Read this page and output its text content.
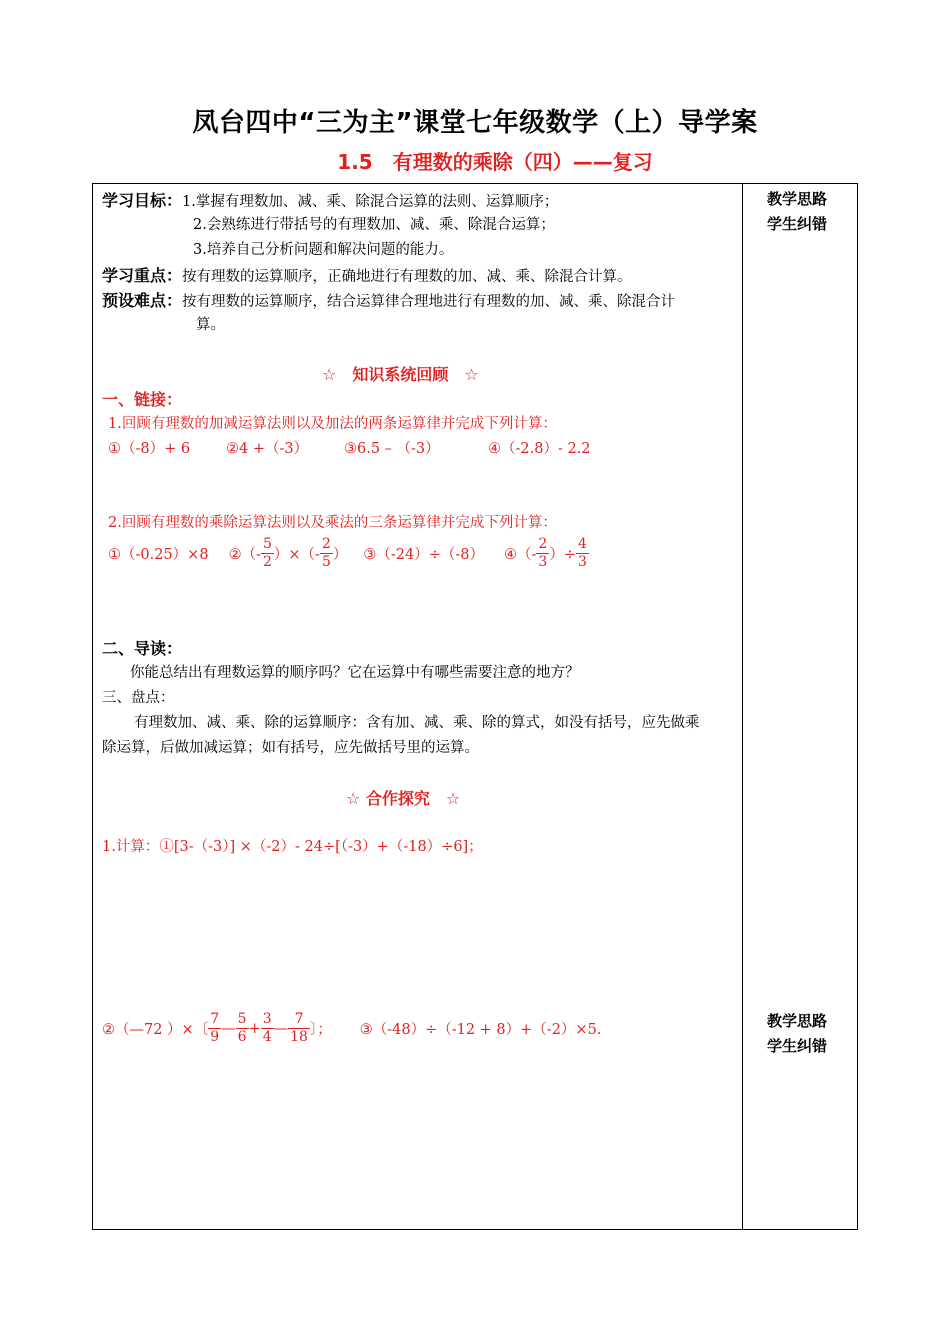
凤台四中“三为主”课堂七年级数学（上）导学案
1.5　有理数的乘除（四）——复习
教学思路
学生纠错
教学思路
学生纠错
学习目标：1.掌握有理数加、减、乘、除混合运算的法则、运算顺序；
2.会熟练进行带括号的有理数加、减、乘、除混合运算；
3.培养自己分析问题和解决问题的能力。
学习重点：按有理数的运算顺序，正确地进行有理数的加、减、乘、除混合计算。
预设难点：按有理数的运算顺序，结合运算律合理地进行有理数的加、减、乘、除混合计
算。
☆　知识系统回顾　☆
一、链接：
1.回顾有理数的加减运算法则以及加法的两条运算律并完成下列计算：
①（-8）+ 6 ②4 +（-3） ③6.5 – （-3）	④（-2.8）- 2.2
2.回顾有理数的乘除运算法则以及乘法的三条运算律并完成下列计算：
①（-0.25）×8 ②（- $\frac{5}{2}$ ）×（- $\frac{2}{5}$ ） ③（-24）÷（-8） ④（- $\frac{2}{3}$ ）÷ $\frac{4}{3}$
二、导读：
你能总结出有理数运算的顺序吗？它在运算中有哪些需要注意的地方？
三、盘点：
有理数加、减、乘、除的运算顺序：含有加、减、乘、除的算式，如没有括号，应先做乘
除运算，后做加减运算；如有括号，应先做括号里的运算。
☆ 合作探究　☆
1.计算：①[3-（-3）] ×（-2）- 24÷[（-3）+（-18）÷6]；
②（—72 ）×〔 $\frac{7}{9}$ — $\frac{5}{6} + \frac{3}{4}$ — $\frac{7}{18}$ 〕； ③（-48）÷（-12 + 8）+（-2）×5.
